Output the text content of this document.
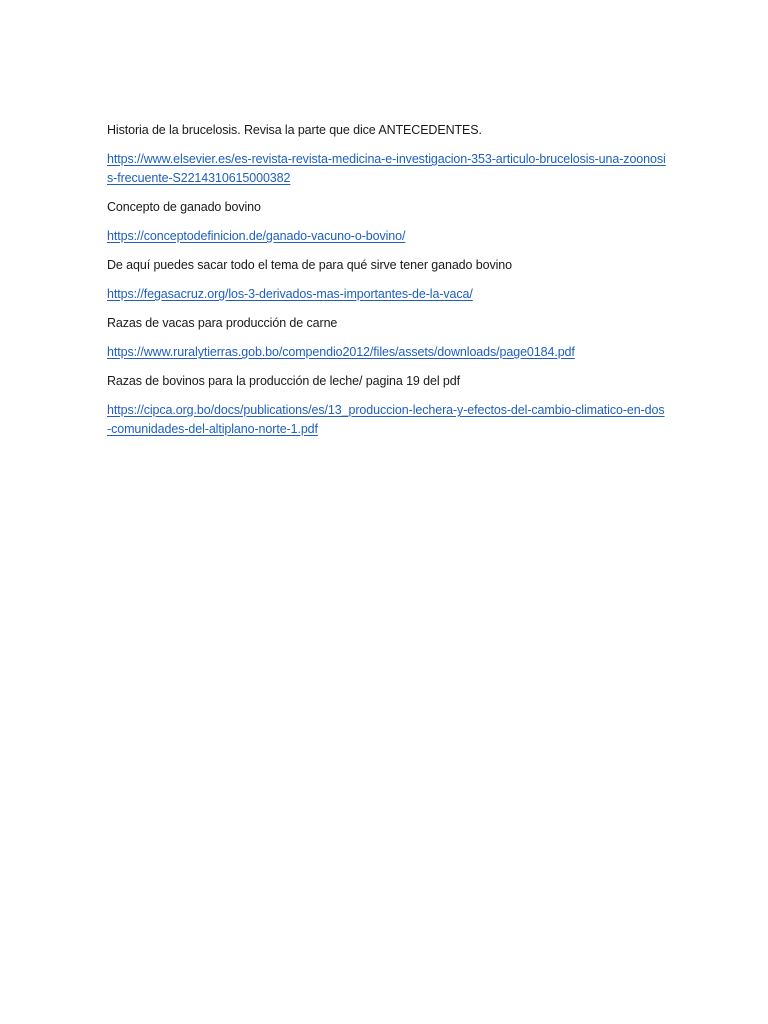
Historia de la brucelosis. Revisa la parte que dice ANTECEDENTES.

https://www.elsevier.es/es-revista-revista-medicina-e-investigacion-353-articulo-brucelosis-una-zoonosis-frecuente-S2214310615000382

Concepto de ganado bovino

https://conceptodefinicion.de/ganado-vacuno-o-bovino/

De aquí puedes sacar todo el tema de para qué sirve tener ganado bovino

https://fegasacruz.org/los-3-derivados-mas-importantes-de-la-vaca/

Razas de vacas para producción de carne

https://www.ruralytierras.gob.bo/compendio2012/files/assets/downloads/page0184.pdf

Razas de bovinos para la producción de leche/ pagina 19 del pdf

https://cipca.org.bo/docs/publications/es/13_produccion-lechera-y-efectos-del-cambio-climatico-en-dos-comunidades-del-altiplano-norte-1.pdf
